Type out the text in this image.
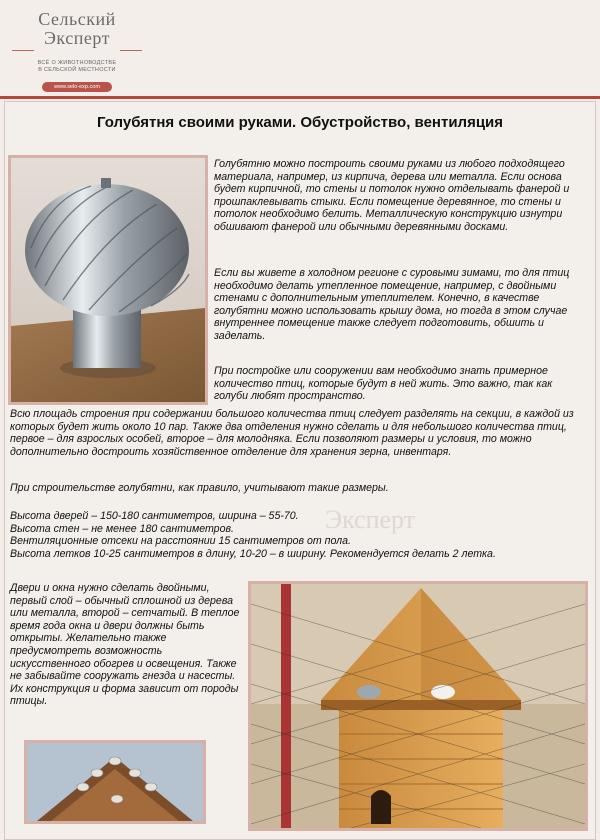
Сельский
Эксперт
ВСЁ О ЖИВОТНОВОДСТВЕ
В СЕЛЬСКОЙ МЕСТНОСТИ
www.selo-exp.com
Эксперт
Голубятня своими руками. Обустройство, вентиляция

Голубятню можно построить своими руками из любого подходящего материала, например, из кирпича, дерева или металла. Если основа будет кирпичной, то стены и потолок нужно отделывать фанерой и прошпаклевывать стыки. Если помещение деревянное, то стены и потолок необходимо белить. Металлическую конструкцию изнутри обшивают фанерой или обычными деревянными досками.

Если вы живете в холодном регионе с суровыми зимами, то для птиц необходимо делать утепленное помещение, например, с двойными стенами с дополнительным утеплителем. Конечно, в качестве голубятни можно использовать крышу дома, но тогда в этом случае внутреннее помещение также следует подготовить, обшить и заделать.

При постройке или сооружении вам необходимо знать примерное количество птиц, которые будут в ней жить. Это важно, так как голуби любят пространство.

Всю площадь строения при содержании большого количества птиц следует разделять на секции, в каждой из которых будет жить около 10 пар. Также два отделения нужно сделать и для небольшого количества птиц, первое – для взрослых особей, второе – для молодняка. Если позволяют размеры и условия, то можно дополнительно достроить хозяйственное отделение для хранения зерна, инвентаря.

При строительстве голубятни, как правило, учитывают такие размеры.

Высота дверей – 150-180 сантиметров, ширина – 55-70.

Высота стен – не менее 180 сантиметров.

Вентиляционные отсеки на расстоянии 15 сантиметров от пола.

Высота летков 10-25 сантиметров в длину, 10-20 – в ширину. Рекомендуется делать 2 летка.

Двери и окна нужно сделать двойными, первый слой – обычный сплошной из дерева или металла, второй – сетчатый. В теплое время года окна и двери должны быть открыты. Желательно также предусмотреть возможность искусственного обогрев и освещения. Также не забывайте сооружать гнезда и насесты. Их конструкция и форма зависит от породы птицы.
